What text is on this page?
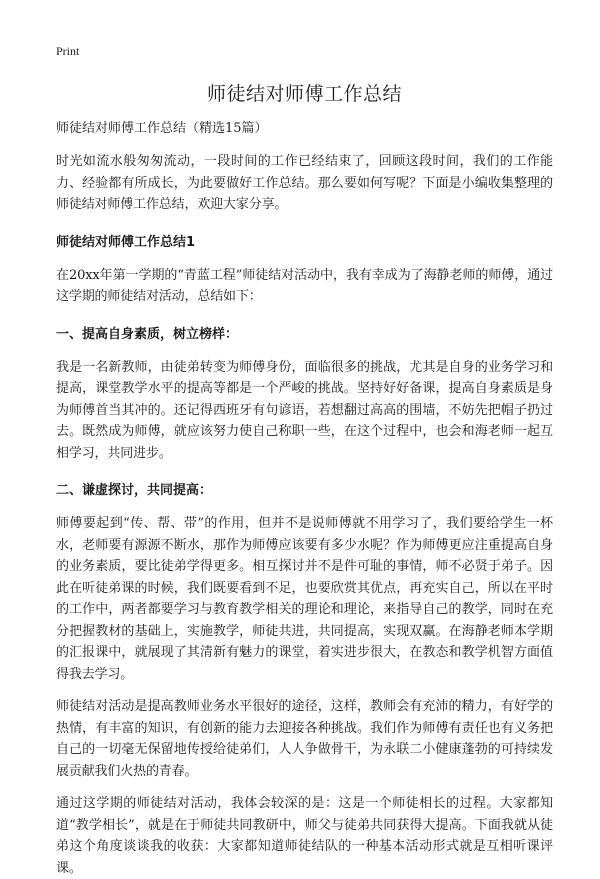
Print
师徒结对师傅工作总结
师徒结对师傅工作总结（精选15篇）

时光如流水般匆匆流动，一段时间的工作已经结束了，回顾这段时间，我们的工作能力、经验都有所成长，为此要做好工作总结。那么要如何写呢？下面是小编收集整理的师徒结对师傅工作总结，欢迎大家分享。

师徒结对师傅工作总结1

在20xx年第一学期的“青蓝工程”师徒结对活动中，我有幸成为了海静老师的师傅，通过这学期的师徒结对活动，总结如下：

一、提高自身素质，树立榜样：

我是一名新教师，由徒弟转变为师傅身份，面临很多的挑战，尤其是自身的业务学习和提高，课堂教学水平的提高等都是一个严峻的挑战。坚持好好备课，提高自身素质是身为师傅首当其冲的。还记得西班牙有句谚语，若想翻过高高的围墙，不妨先把帽子扔过去。既然成为师傅，就应该努力使自己称职一些，在这个过程中，也会和海老师一起互相学习，共同进步。

二、谦虚探讨，共同提高：

师傅要起到“传、帮、带”的作用，但并不是说师傅就不用学习了，我们要给学生一杯水，老师要有源源不断水，那作为师傅应该要有多少水呢？作为师傅更应注重提高自身的业务素质，要比徒弟学得更多。相互探讨并不是件可耻的事情，师不必贤于弟子。因此在听徒弟课的时候，我们既要看到不足，也要欣赏其优点，再充实自己，所以在平时的工作中，两者都要学习与教育教学相关的理论和理论，来指导自己的教学，同时在充分把握教材的基础上，实施教学，师徒共进，共同提高，实现双赢。在海静老师本学期的汇报课中，就展现了其清新有魅力的课堂，着实进步很大，在教态和教学机智方面值得我去学习。

师徒结对活动是提高教师业务水平很好的途径，这样，教师会有充沛的精力，有好学的热情，有丰富的知识，有创新的能力去迎接各种挑战。我们作为师傅有责任也有义务把自己的一切毫无保留地传授给徒弟们，人人争做骨干，为永联二小健康蓬勃的可持续发展贡献我们火热的青春。

通过这学期的师徒结对活动，我体会较深的是：这是一个师徒相长的过程。大家都知道“教学相长”，就是在于师徒共同教研中，师父与徒弟共同获得大提高。下面我就从徒弟这个角度谈谈我的收获：大家都知道师徒结队的一种基本活动形式就是互相听课评课。
